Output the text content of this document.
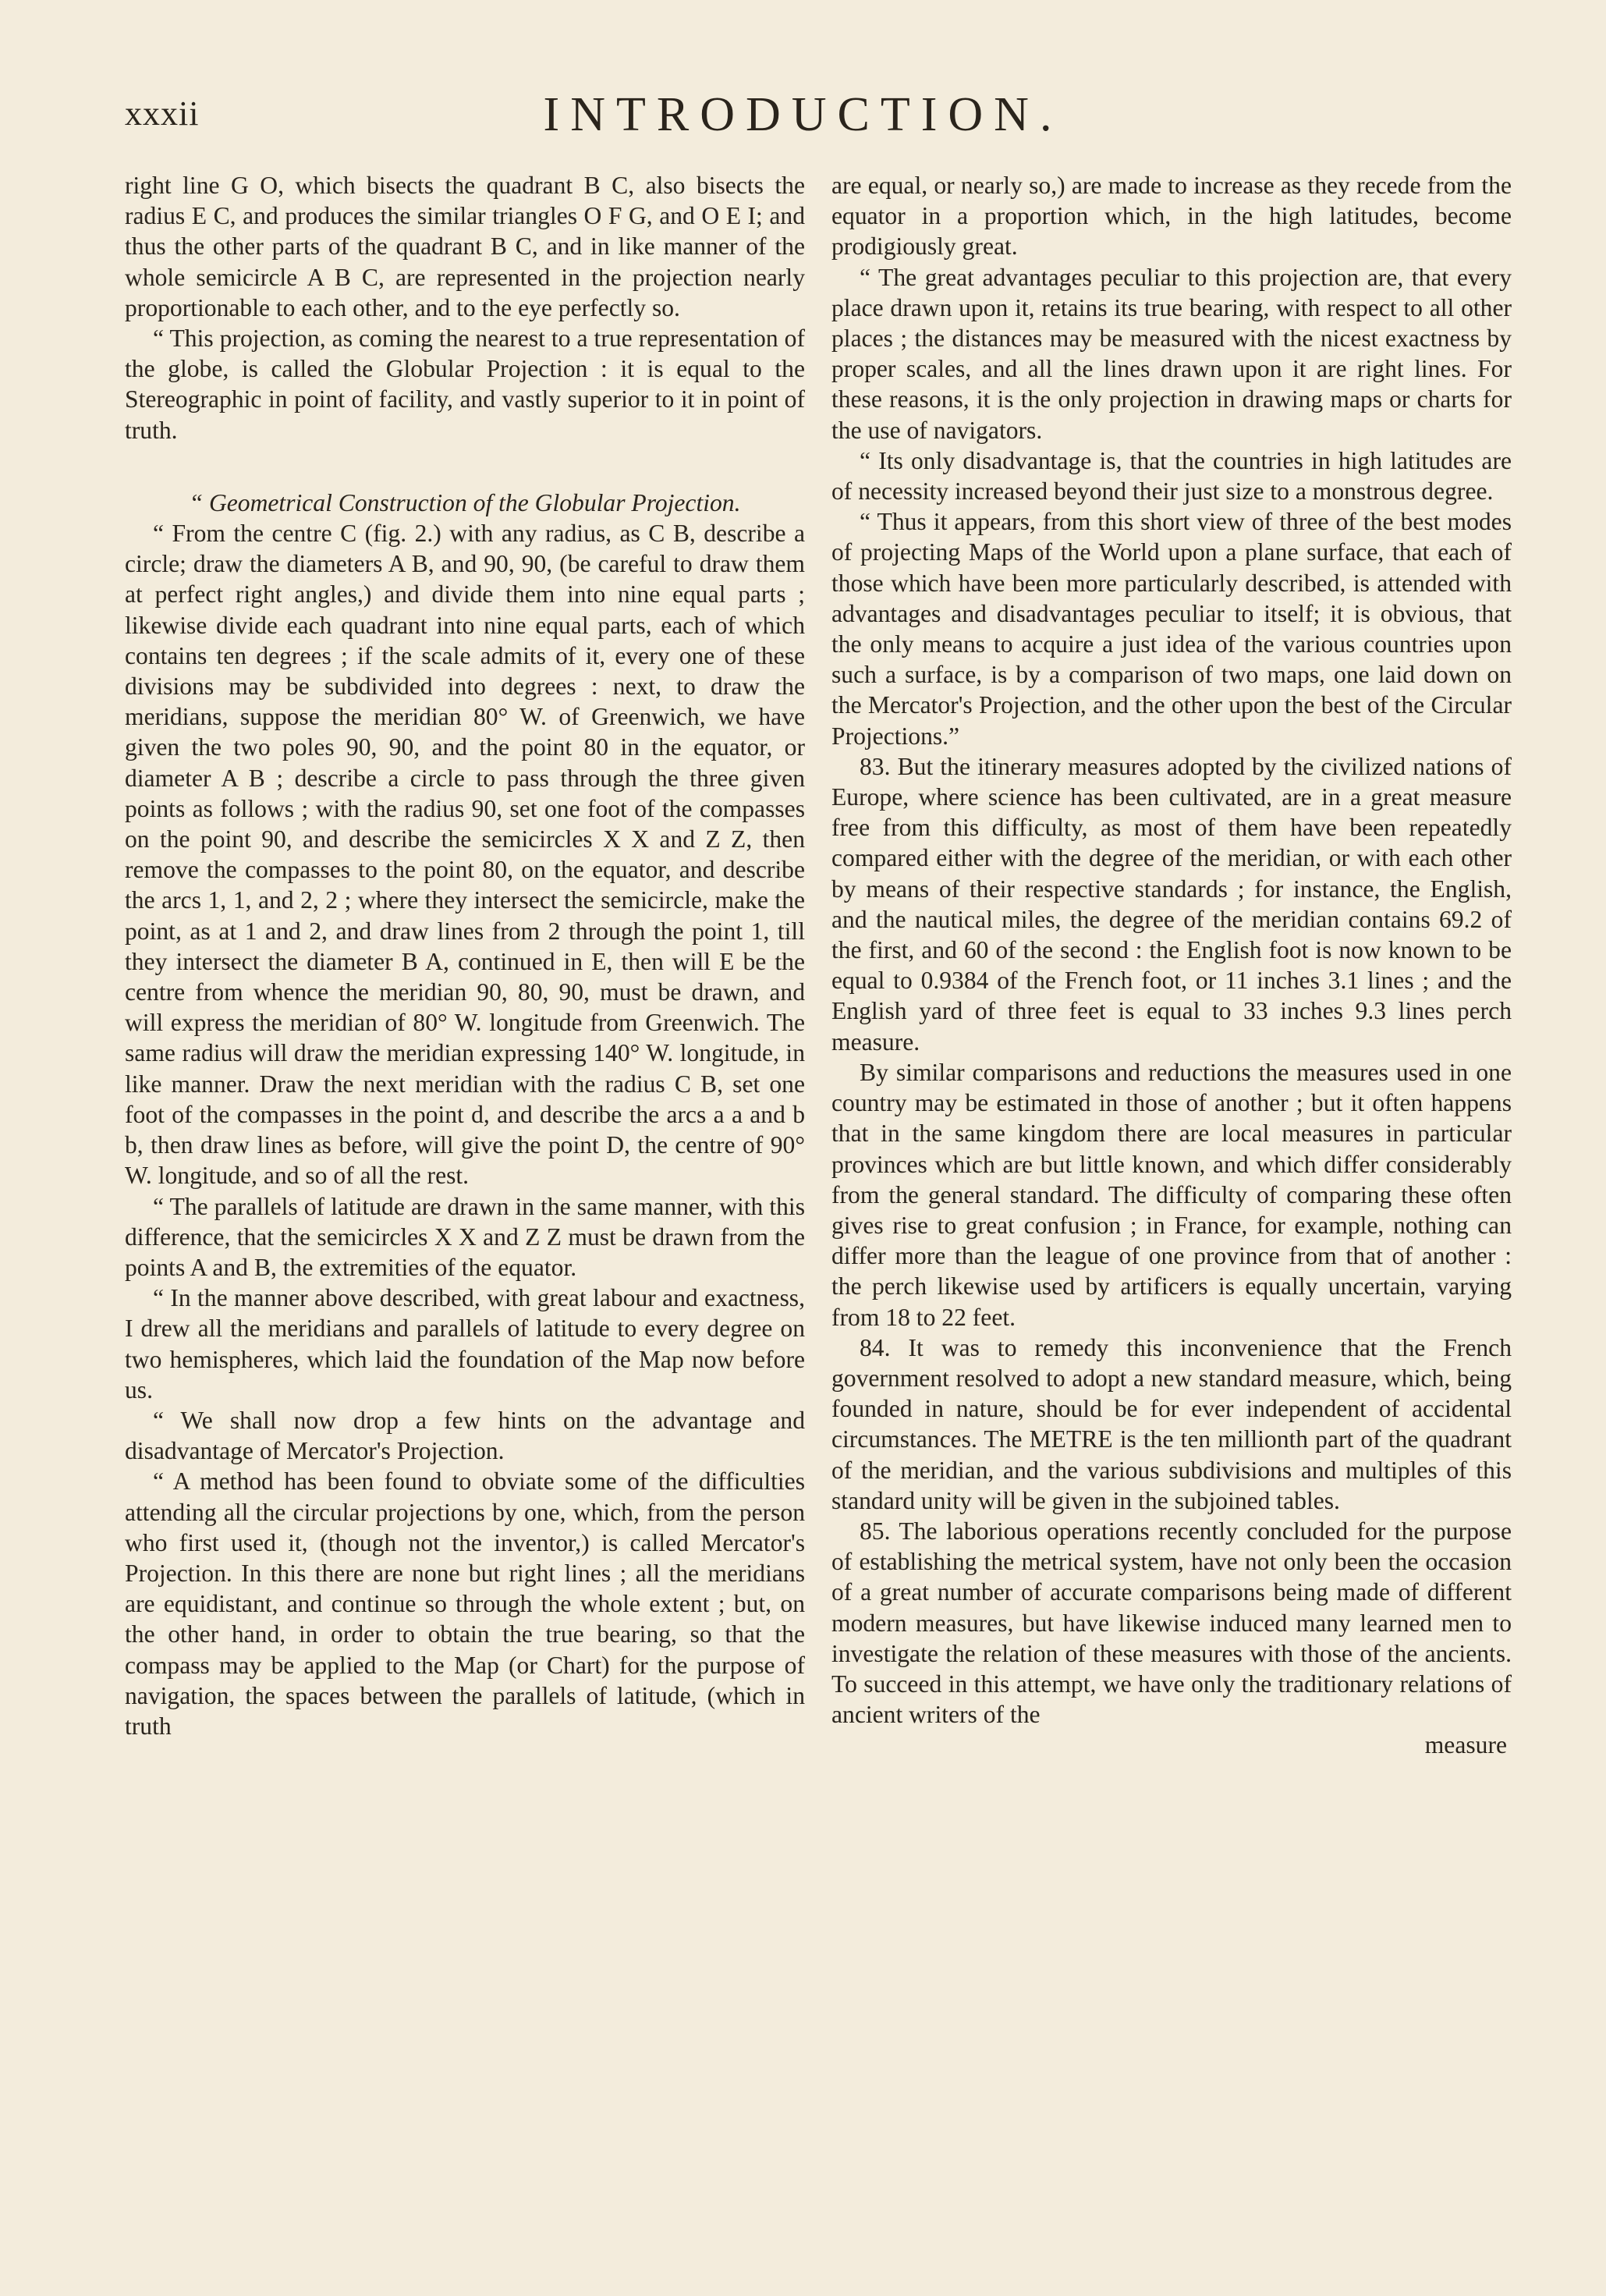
xxxii	INTRODUCTION.

right line G O, which bisects the quadrant B C, also bisects the radius E C, and produces the similar triangles O F G, and O E I; and thus the other parts of the quadrant B C, and in like manner of the whole semicircle A B C, are represented in the projection nearly proportionable to each other, and to the eye perfectly so.

“ This projection, as coming the nearest to a true representation of the globe, is called the Globular Projection : it is equal to the Stereographic in point of facility, and vastly superior to it in point of truth.

“ Geometrical Construction of the Globular Projection.

“ From the centre C (fig. 2.) with any radius, as C B, describe a circle; draw the diameters A B, and 90, 90, (be careful to draw them at perfect right angles,) and divide them into nine equal parts ; likewise divide each quadrant into nine equal parts, each of which contains ten degrees ; if the scale admits of it, every one of these divisions may be subdivided into degrees : next, to draw the meridians, suppose the meridian 80° W. of Greenwich, we have given the two poles 90, 90, and the point 80 in the equator, or diameter A B ; describe a circle to pass through the three given points as follows ; with the radius 90, set one foot of the compasses on the point 90, and describe the semicircles X X and Z Z, then remove the compasses to the point 80, on the equator, and describe the arcs 1, 1, and 2, 2 ; where they intersect the semicircle, make the point, as at 1 and 2, and draw lines from 2 through the point 1, till they intersect the diameter B A, continued in E, then will E be the centre from whence the meridian 90, 80, 90, must be drawn, and will express the meridian of 80° W. longitude from Greenwich. The same radius will draw the meridian expressing 140° W. longitude, in like manner. Draw the next meridian with the radius C B, set one foot of the compasses in the point d, and describe the arcs a a and b b, then draw lines as before, will give the point D, the centre of 90° W. longitude, and so of all the rest.

“ The parallels of latitude are drawn in the same manner, with this difference, that the semicircles X X and Z Z must be drawn from the points A and B, the extremities of the equator.

“ In the manner above described, with great labour and exactness, I drew all the meridians and parallels of latitude to every degree on two hemispheres, which laid the foundation of the Map now before us.

“ We shall now drop a few hints on the advantage and disadvantage of Mercator's Projection.

“ A method has been found to obviate some of the difficulties attending all the circular projections by one, which, from the person who first used it, (though not the inventor,) is called Mercator's Projection. In this there are none but right lines ; all the meridians are equidistant, and continue so through the whole extent ; but, on the other hand, in order to obtain the true bearing, so that the compass may be applied to the Map (or Chart) for the purpose of navigation, the spaces between the parallels of latitude, (which in truth

are equal, or nearly so,) are made to increase as they recede from the equator in a proportion which, in the high latitudes, become prodigiously great.

“ The great advantages peculiar to this projection are, that every place drawn upon it, retains its true bearing, with respect to all other places ; the distances may be measured with the nicest exactness by proper scales, and all the lines drawn upon it are right lines. For these reasons, it is the only projection in drawing maps or charts for the use of navigators.

“ Its only disadvantage is, that the countries in high latitudes are of necessity increased beyond their just size to a monstrous degree.

“ Thus it appears, from this short view of three of the best modes of projecting Maps of the World upon a plane surface, that each of those which have been more particularly described, is attended with advantages and disadvantages peculiar to itself; it is obvious, that the only means to acquire a just idea of the various countries upon such a surface, is by a comparison of two maps, one laid down on the Mercator's Projection, and the other upon the best of the Circular Projections.”

83. But the itinerary measures adopted by the civilized nations of Europe, where science has been cultivated, are in a great measure free from this difficulty, as most of them have been repeatedly compared either with the degree of the meridian, or with each other by means of their respective standards ; for instance, the English, and the nautical miles, the degree of the meridian contains 69.2 of the first, and 60 of the second : the English foot is now known to be equal to 0.9384 of the French foot, or 11 inches 3.1 lines ; and the English yard of three feet is equal to 33 inches 9.3 lines perch measure.

By similar comparisons and reductions the measures used in one country may be estimated in those of another ; but it often happens that in the same kingdom there are local measures in particular provinces which are but little known, and which differ considerably from the general standard. The difficulty of comparing these often gives rise to great confusion ; in France, for example, nothing can differ more than the league of one province from that of another : the perch likewise used by artificers is equally uncertain, varying from 18 to 22 feet.

84. It was to remedy this inconvenience that the French government resolved to adopt a new standard measure, which, being founded in nature, should be for ever independent of accidental circumstances. The METRE is the ten millionth part of the quadrant of the meridian, and the various subdivisions and multiples of this standard unity will be given in the subjoined tables.

85. The laborious operations recently concluded for the purpose of establishing the metrical system, have not only been the occasion of a great number of accurate comparisons being made of different modern measures, but have likewise induced many learned men to investigate the relation of these measures with those of the ancients. To succeed in this attempt, we have only the traditionary relations of ancient writers of the

measure
